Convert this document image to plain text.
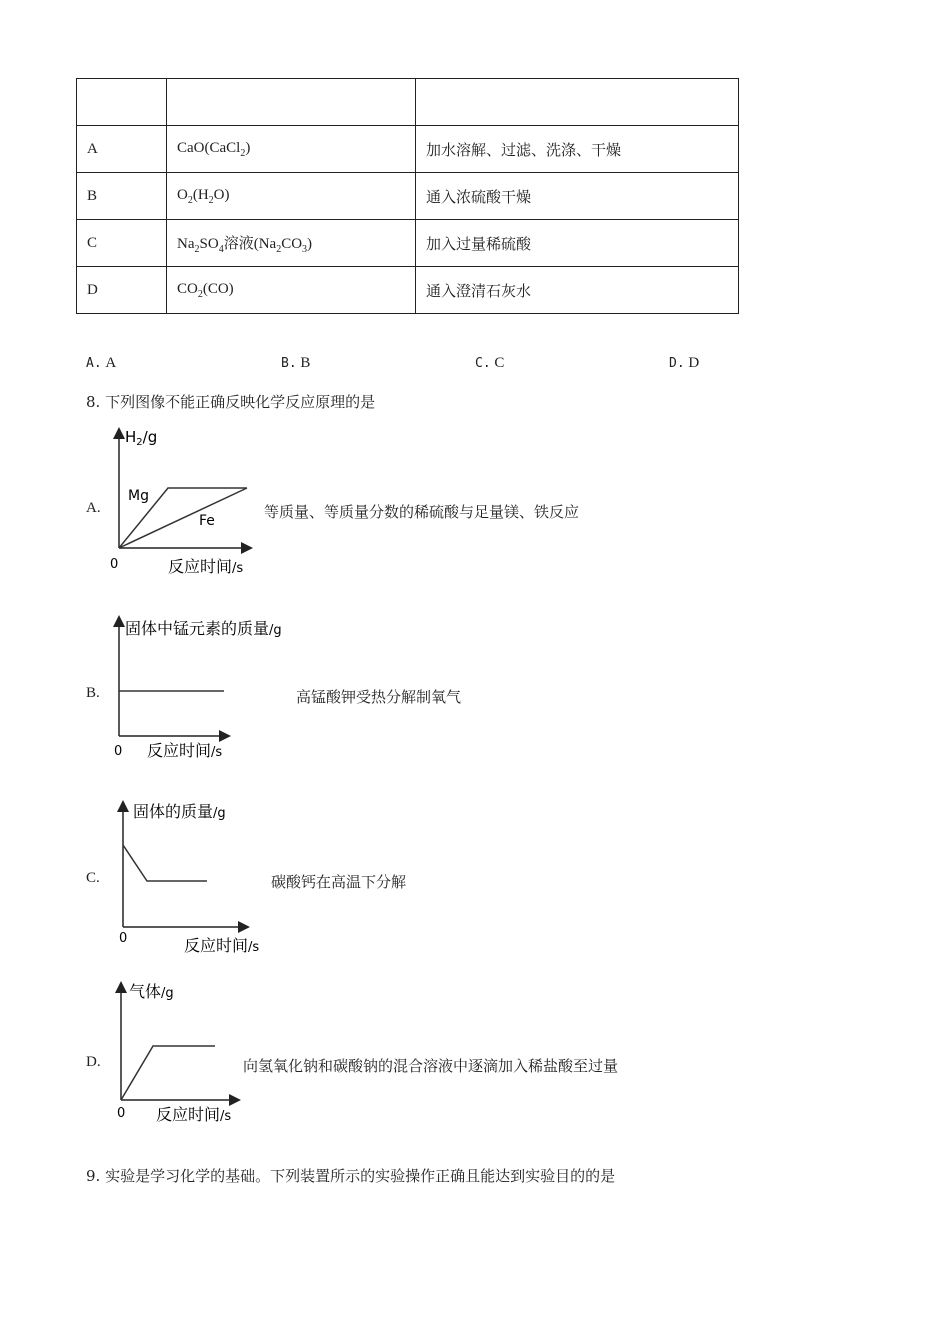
A	CaO(CaCl$_2$)	加水溶解、过滤、洗涤、干燥
B	$O_2(H_2O)$	通入浓硫酸干燥
C	$Na_2SO_4$溶液$(Na_2CO_3)$	加入过量稀硫酸
D	$CO_2(CO)$	通入澄清石灰水
A. A	B. B	C. C	D. D
8. 下列图像不能正确反映化学反应原理的是
A.
$H_2/g$
Mg
Fe
0	反应时间/s
等质量、等质量分数的稀硫酸与足量镁、铁反应
B.
固体中锰元素的质量/g
0 反应时间/s
高锰酸钾受热分解制氧气
C.
固体的质量/g
0	反应时间/s
碳酸钙在高温下分解
D.
气体/g
0 反应时间/s
向氢氧化钠和碳酸钠的混合溶液中逐滴加入稀盐酸至过量
9. 实验是学习化学的基础。下列装置所示的实验操作正确且能达到实验目的的是
